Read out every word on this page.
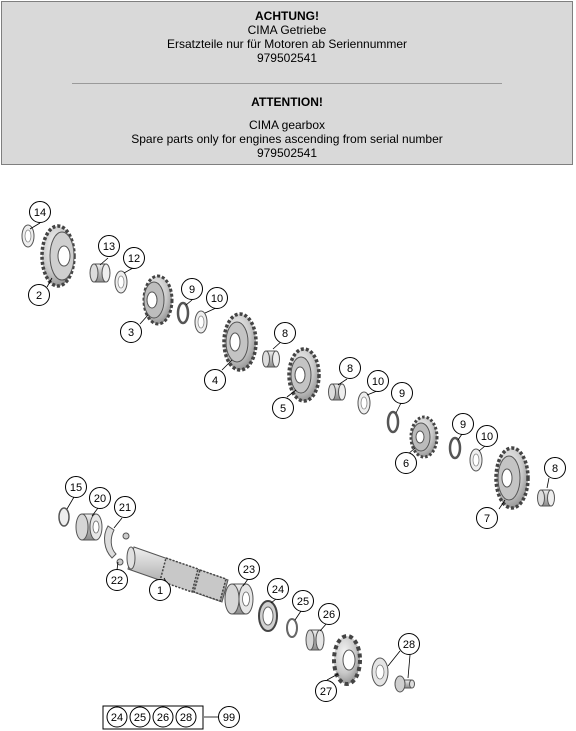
ACHTUNG!
CIMA Getriebe
Ersatzteile nur für Motoren ab Seriennummer
979502541
ATTENTION!
CIMA gearbox
Spare parts only for engines ascending from serial number
979502541
14
2
13
12
3
9
10
4
8
5
8
10
9
6
9
10
8
7
15
20
21
22
1
23
24
25
26
28
27
24 25 26 28	99
